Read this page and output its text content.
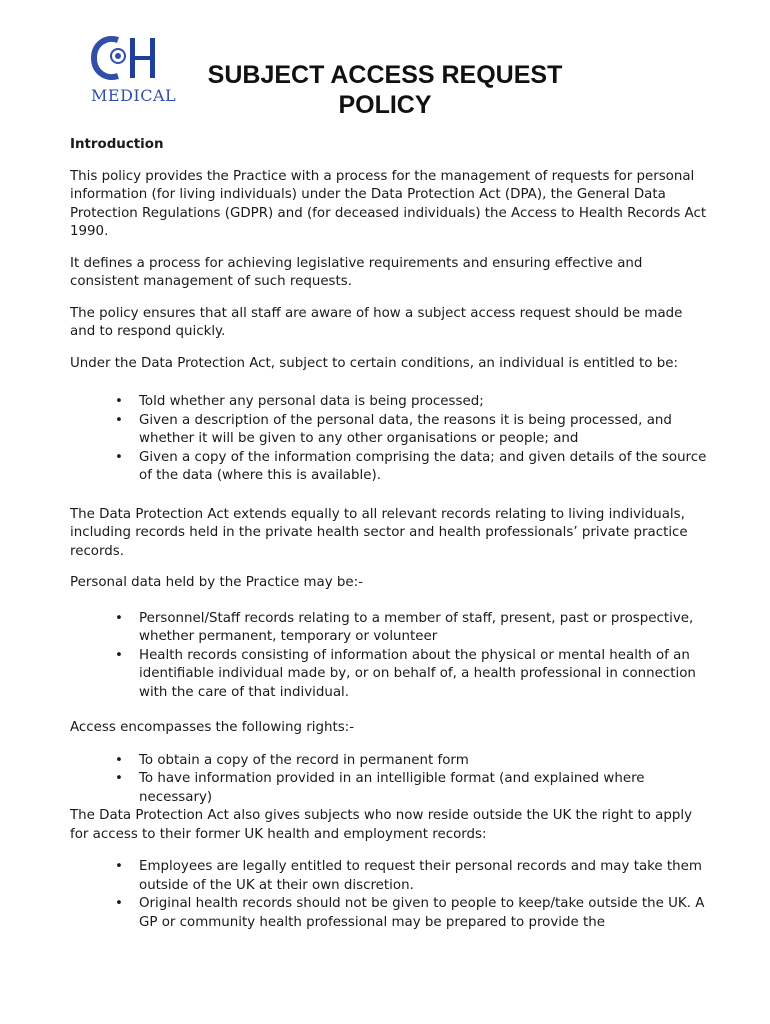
MEDICAL
SUBJECT ACCESS REQUEST
POLICY
Introduction

This policy provides the Practice with a process for the management of requests for personal information (for living individuals) under the Data Protection Act (DPA), the General Data Protection Regulations (GDPR) and (for deceased individuals) the Access to Health Records Act 1990.

It defines a process for achieving legislative requirements and ensuring effective and consistent management of such requests.

The policy ensures that all staff are aware of how a subject access request should be made and to respond quickly.

Under the Data Protection Act, subject to certain conditions, an individual is entitled to be:

• Told whether any personal data is being processed;
• Given a description of the personal data, the reasons it is being processed, and whether it will be given to any other organisations or people; and
• Given a copy of the information comprising the data; and given details of the source of the data (where this is available).

The Data Protection Act extends equally to all relevant records relating to living individuals, including records held in the private health sector and health professionals’ private practice records.

Personal data held by the Practice may be:-

• Personnel/Staff records relating to a member of staff, present, past or prospective, whether permanent, temporary or volunteer
• Health records consisting of information about the physical or mental health of an identifiable individual made by, or on behalf of, a health professional in connection with the care of that individual.

Access encompasses the following rights:-

• To obtain a copy of the record in permanent form
• To have information provided in an intelligible format (and explained where necessary)

The Data Protection Act also gives subjects who now reside outside the UK the right to apply for access to their former UK health and employment records:

• Employees are legally entitled to request their personal records and may take them outside of the UK at their own discretion.
• Original health records should not be given to people to keep/take outside the UK. A GP or community health professional may be prepared to provide the
